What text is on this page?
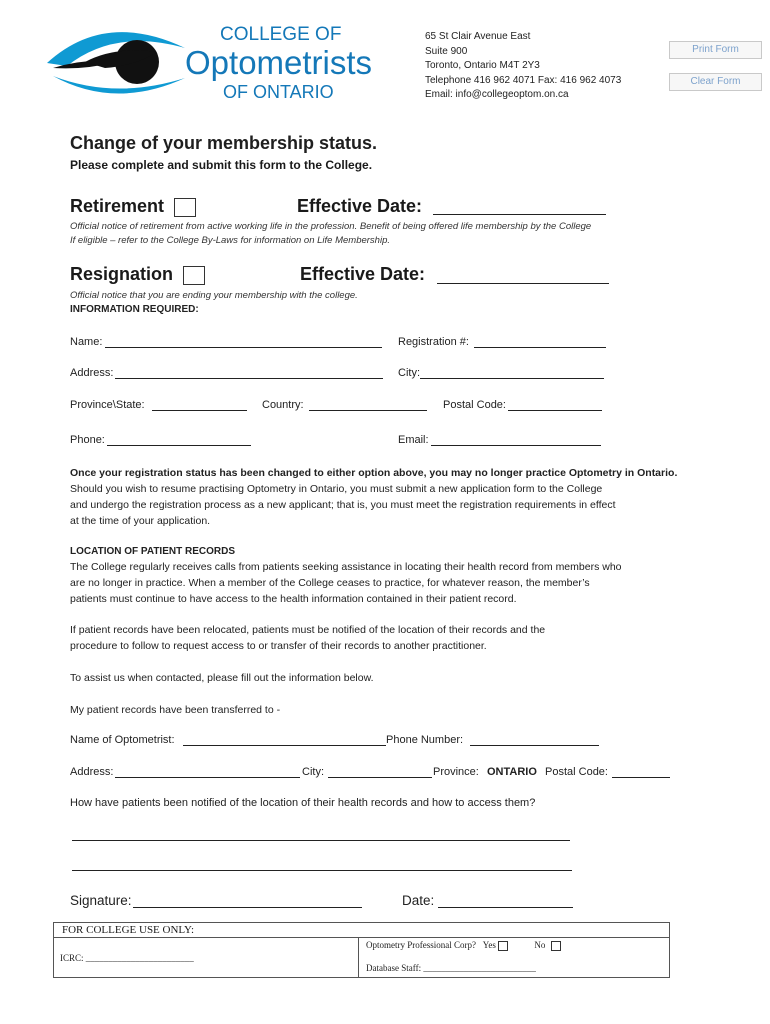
COLLEGE OF
Optometrists
OF ONTARIO
65 St Clair Avenue East
Suite 900
Toronto, Ontario M4T 2Y3
Telephone 416 962 4071 Fax: 416 962 4073
Email: info@collegeoptom.on.ca
Print Form
Clear Form
Change of your membership status.
Please complete and submit this form to the College.
Retirement	Effective Date:
Official notice of retirement from active working life in the profession. Benefit of being offered life membership by the College
If eligible – refer to the College By-Laws for information on Life Membership.
Resignation	Effective Date:
Official notice that you are ending your membership with the college.
INFORMATION REQUIRED:
Name:	Registration #:
Address:	City:
Province\State:	Country:	Postal Code:
Phone:	Email:
Once your registration status has been changed to either option above, you may no longer practice Optometry in Ontario.
Should you wish to resume practising Optometry in Ontario, you must submit a new application form to the College
and undergo the registration process as a new applicant; that is, you must meet the registration requirements in effect
at the time of your application.
LOCATION OF PATIENT RECORDS
The College regularly receives calls from patients seeking assistance in locating their health record from members who
are no longer in practice. When a member of the College ceases to practice, for whatever reason, the member’s
patients must continue to have access to the health information contained in their patient record.
If patient records have been relocated, patients must be notified of the location of their records and the
procedure to follow to request access to or transfer of their records to another practitioner.
To assist us when contacted, please fill out the information below.
My patient records have been transferred to -
Name of Optometrist:	Phone Number:
Address:	City:	Province: ONTARIO Postal Code:
How have patients been notified of the location of their health records and how to access them?
Signature:	Date:
FOR COLLEGE USE ONLY:
ICRC: ________________________
Optometry Professional Corp? Yes	No
Database Staff: _________________________
